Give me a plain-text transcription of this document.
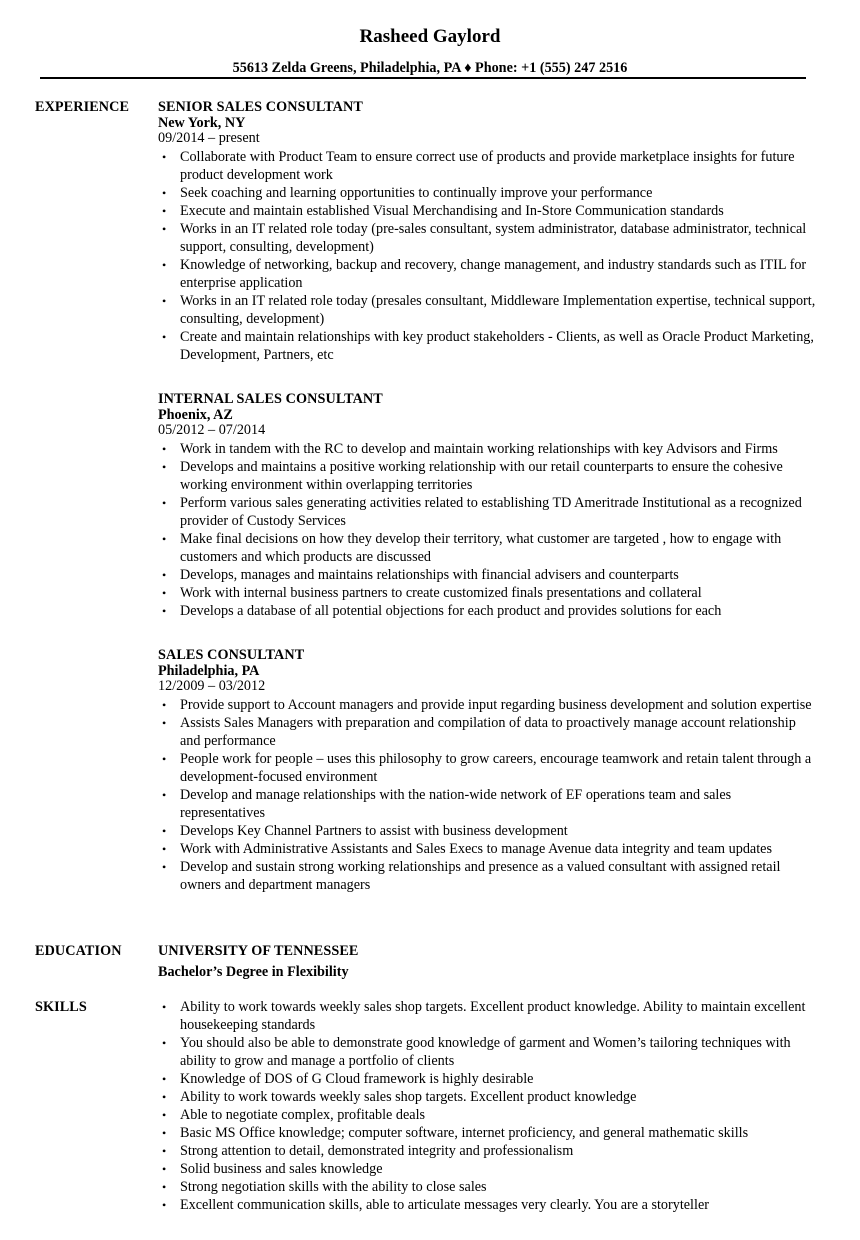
Rasheed Gaylord
55613 Zelda Greens, Philadelphia, PA ♦ Phone: +1 (555) 247 2516
EXPERIENCE SENIOR SALES CONSULTANT
New York, NY
09/2014 – present
• Collaborate with Product Team to ensure correct use of products and provide marketplace insights for future product development work
• Seek coaching and learning opportunities to continually improve your performance
• Execute and maintain established Visual Merchandising and In-Store Communication standards
• Works in an IT related role today (pre-sales consultant, system administrator, database administrator, technical support, consulting, development)
• Knowledge of networking, backup and recovery, change management, and industry standards such as ITIL for enterprise application
• Works in an IT related role today (presales consultant, Middleware Implementation expertise, technical support, consulting, development)
• Create and maintain relationships with key product stakeholders - Clients, as well as Oracle Product Marketing, Development, Partners, etc
INTERNAL SALES CONSULTANT
Phoenix, AZ
05/2012 – 07/2014
• Work in tandem with the RC to develop and maintain working relationships with key Advisors and Firms
• Develops and maintains a positive working relationship with our retail counterparts to ensure the cohesive working environment within overlapping territories
• Perform various sales generating activities related to establishing TD Ameritrade Institutional as a recognized provider of Custody Services
• Make final decisions on how they develop their territory, what customer are targeted , how to engage with customers and which products are discussed
• Develops, manages and maintains relationships with financial advisers and counterparts
• Work with internal business partners to create customized finals presentations and collateral
• Develops a database of all potential objections for each product and provides solutions for each
SALES CONSULTANT
Philadelphia, PA
12/2009 – 03/2012
• Provide support to Account managers and provide input regarding business development and solution expertise
• Assists Sales Managers with preparation and compilation of data to proactively manage account relationship and performance
• People work for people – uses this philosophy to grow careers, encourage teamwork and retain talent through a development-focused environment
• Develop and manage relationships with the nation-wide network of EF operations team and sales representatives
• Develops Key Channel Partners to assist with business development
• Work with Administrative Assistants and Sales Execs to manage Avenue data integrity and team updates
• Develop and sustain strong working relationships and presence as a valued consultant with assigned retail owners and department managers
EDUCATION	UNIVERSITY OF TENNESSEE
Bachelor’s Degree in Flexibility
SKILLS
•	Ability to work towards weekly sales shop targets. Excellent product knowledge. Ability to maintain excellent housekeeping standards
• You should also be able to demonstrate good knowledge of garment and Women’s tailoring techniques with ability to grow and manage a portfolio of clients
• Knowledge of DOS of G Cloud framework is highly desirable
• Ability to work towards weekly sales shop targets. Excellent product knowledge
• Able to negotiate complex, profitable deals
• Basic MS Office knowledge; computer software, internet proficiency, and general mathematic skills
• Strong attention to detail, demonstrated integrity and professionalism
• Solid business and sales knowledge
• Strong negotiation skills with the ability to close sales
• Excellent communication skills, able to articulate messages very clearly. You are a storyteller
